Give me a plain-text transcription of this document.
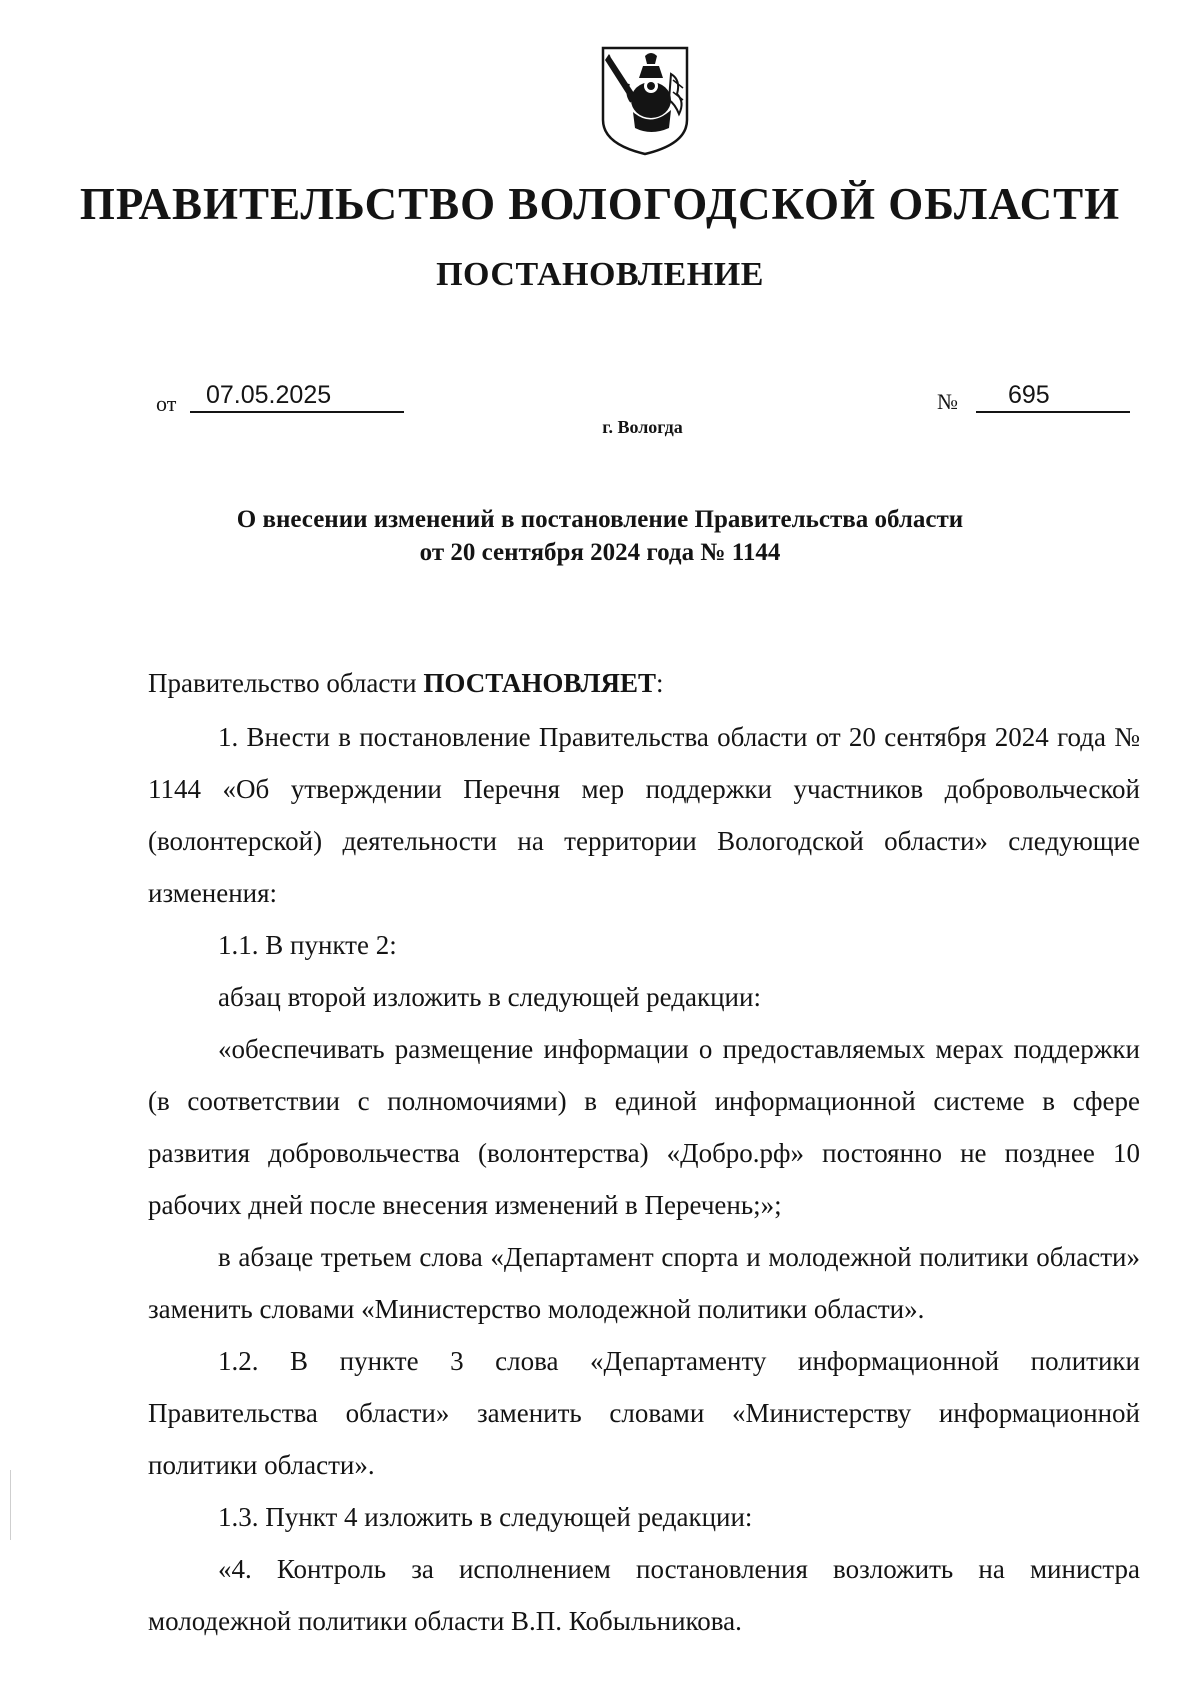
ПРАВИТЕЛЬСТВО ВОЛОГОДСКОЙ ОБЛАСТИ
ПОСТАНОВЛЕНИЕ
от 07.05.2025
г. Вологда
№ 695
О внесении изменений в постановление Правительства области
от 20 сентября 2024 года № 1144
Правительство области ПОСТАНОВЛЯЕТ:

1. Внести в постановление Правительства области от 20 сентября 2024 года № 1144 «Об утверждении Перечня мер поддержки участников добровольческой (волонтерской) деятельности на территории Вологодской области» следующие изменения:

1.1. В пункте 2:

абзац второй изложить в следующей редакции:

«обеспечивать размещение информации о предоставляемых мерах поддержки (в соответствии с полномочиями) в единой информационной системе в сфере развития добровольчества (волонтерства) «Добро.рф» постоянно не позднее 10 рабочих дней после внесения изменений в Перечень;»;

в абзаце третьем слова «Департамент спорта и молодежной политики области» заменить словами «Министерство молодежной политики области».

1.2. В пункте 3 слова «Департаменту информационной политики Правительства области» заменить словами «Министерству информационной политики области».

1.3. Пункт 4 изложить в следующей редакции:

«4. Контроль за исполнением постановления возложить на министра молодежной политики области В.П. Кобыльникова.
